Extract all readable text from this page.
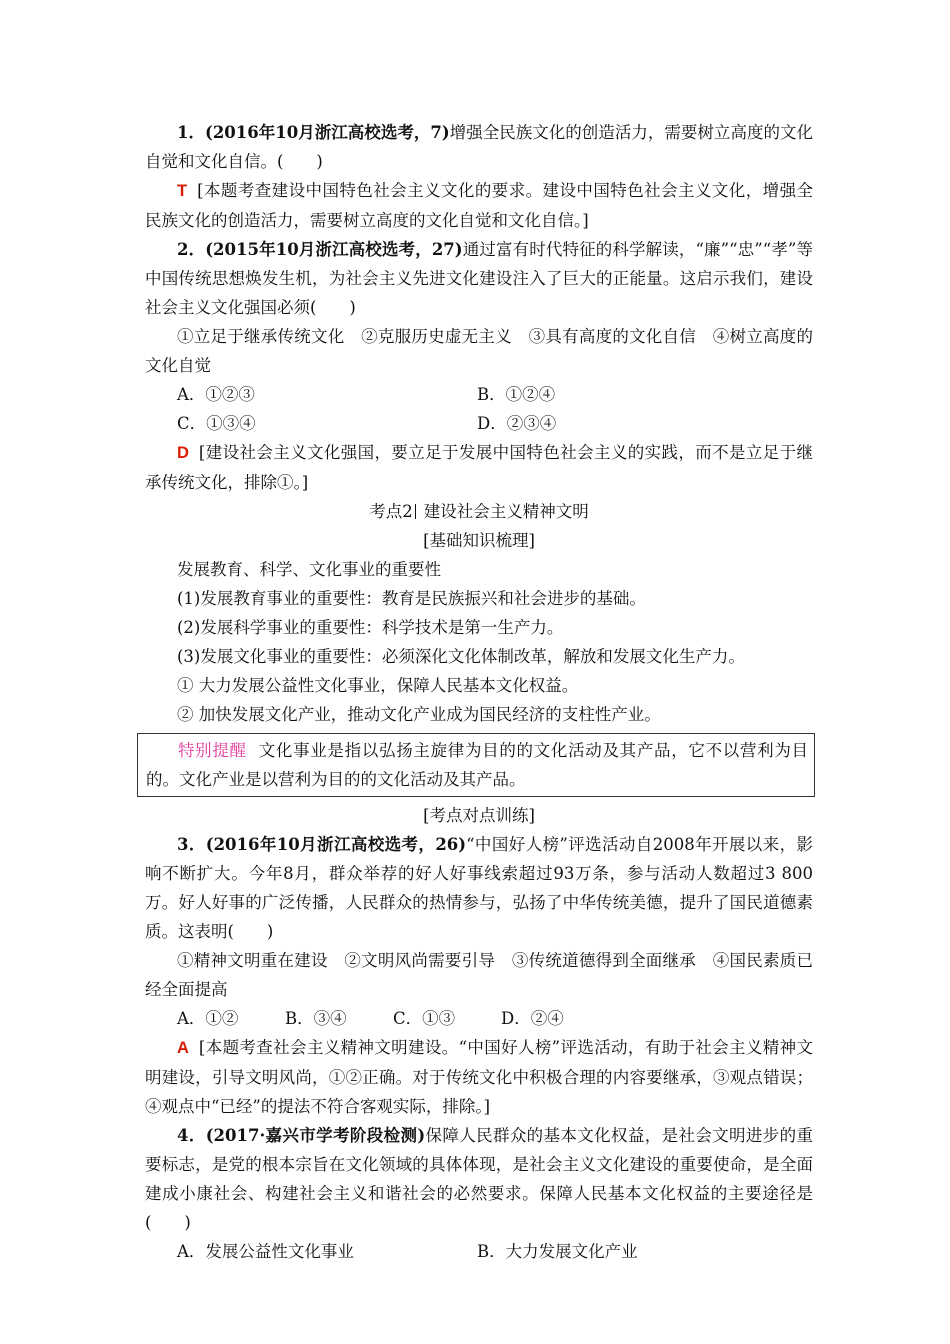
1．(2016年10月浙江高校选考，7)增强全民族文化的创造活力，需要树立高度的文化自觉和文化自信。(　　)

T [本题考查建设中国特色社会主义文化的要求。建设中国特色社会主义文化，增强全民族文化的创造活力，需要树立高度的文化自觉和文化自信。]

2．(2015年10月浙江高校选考，27)通过富有时代特征的科学解读，“廉”“忠”“孝”等中国传统思想焕发生机，为社会主义先进文化建设注入了巨大的正能量。这启示我们，建设社会主义文化强国必须(　　)

①立足于继承传统文化　②克服历史虚无主义　③具有高度的文化自信　④树立高度的文化自觉

A．①②③	B．①②④
C．①③④	D．②③④

D [建设社会主义文化强国，要立足于发展中国特色社会主义的实践，而不是立足于继承传统文化，排除①。]

考点2 建设社会主义精神文明

[基础知识梳理]

发展教育、科学、文化事业的重要性

(1)发展教育事业的重要性：教育是民族振兴和社会进步的基础。

(2)发展科学事业的重要性：科学技术是第一生产力。

(3)发展文化事业的重要性：必须深化文化体制改革，解放和发展文化生产力。

① 大力发展公益性文化事业，保障人民基本文化权益。

② 加快发展文化产业，推动文化产业成为国民经济的支柱性产业。

特别提醒 文化事业是指以弘扬主旋律为目的的文化活动及其产品，它不以营利为目的。文化产业是以营利为目的的文化活动及其产品。

[考点对点训练]

3．(2016年10月浙江高校选考，26)“中国好人榜”评选活动自2008年开展以来，影响不断扩大。今年8月，群众举荐的好人好事线索超过93万条，参与活动人数超过3 800万。好人好事的广泛传播，人民群众的热情参与，弘扬了中华传统美德，提升了国民道德素质。这表明(　　)

①精神文明重在建设　②文明风尚需要引导　③传统道德得到全面继承　④国民素质已经全面提高

A．①②	B．③④	C．①③	D．②④

A [本题考查社会主义精神文明建设。“中国好人榜”评选活动，有助于社会主义精神文明建设，引导文明风尚，①②正确。对于传统文化中积极合理的内容要继承，③观点错误；④观点中“已经”的提法不符合客观实际，排除。]

4．(2017·嘉兴市学考阶段检测)保障人民群众的基本文化权益，是社会文明进步的重要标志，是党的根本宗旨在文化领域的具体体现，是社会主义文化建设的重要使命，是全面建成小康社会、构建社会主义和谐社会的必然要求。保障人民基本文化权益的主要途径是(　　)

A．发展公益性文化事业	B．大力发展文化产业
